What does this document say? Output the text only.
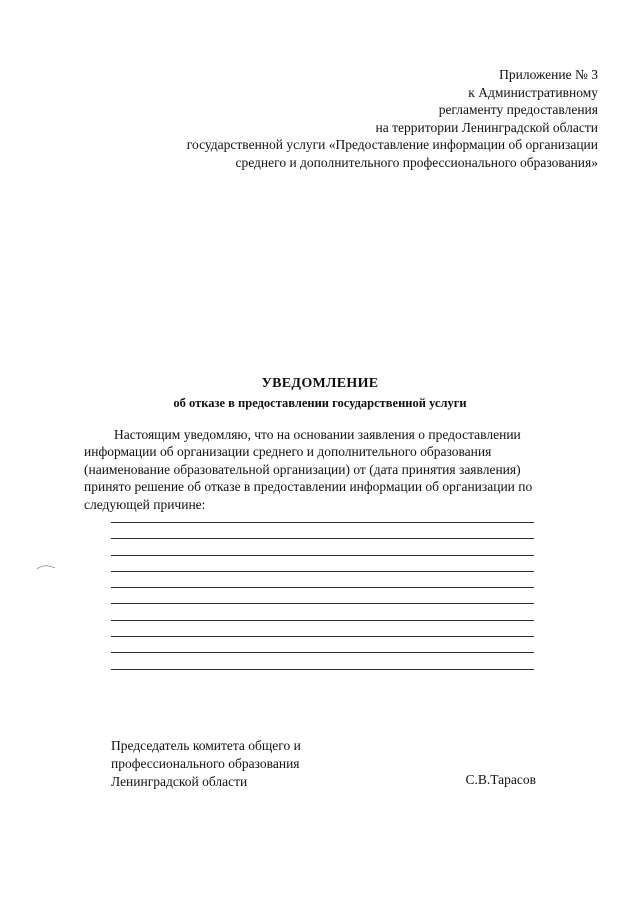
Приложение № 3
к Административному
регламенту предоставления
на территории Ленинградской области
государственной услуги «Предоставление информации об организации
среднего и дополнительного профессионального образования»
УВЕДОМЛЕНИЕ
об отказе в предоставлении государственной услуги
Настоящим уведомляю, что на основании заявления о предоставлении
информации об организации среднего и дополнительного образования
(наименование образовательной организации) от (дата принятия заявления)
принято решение об отказе в предоставлении информации об организации по
следующей причине:
Председатель комитета общего и
профессионального образования
Ленинградской области	С.В.Тарасов
